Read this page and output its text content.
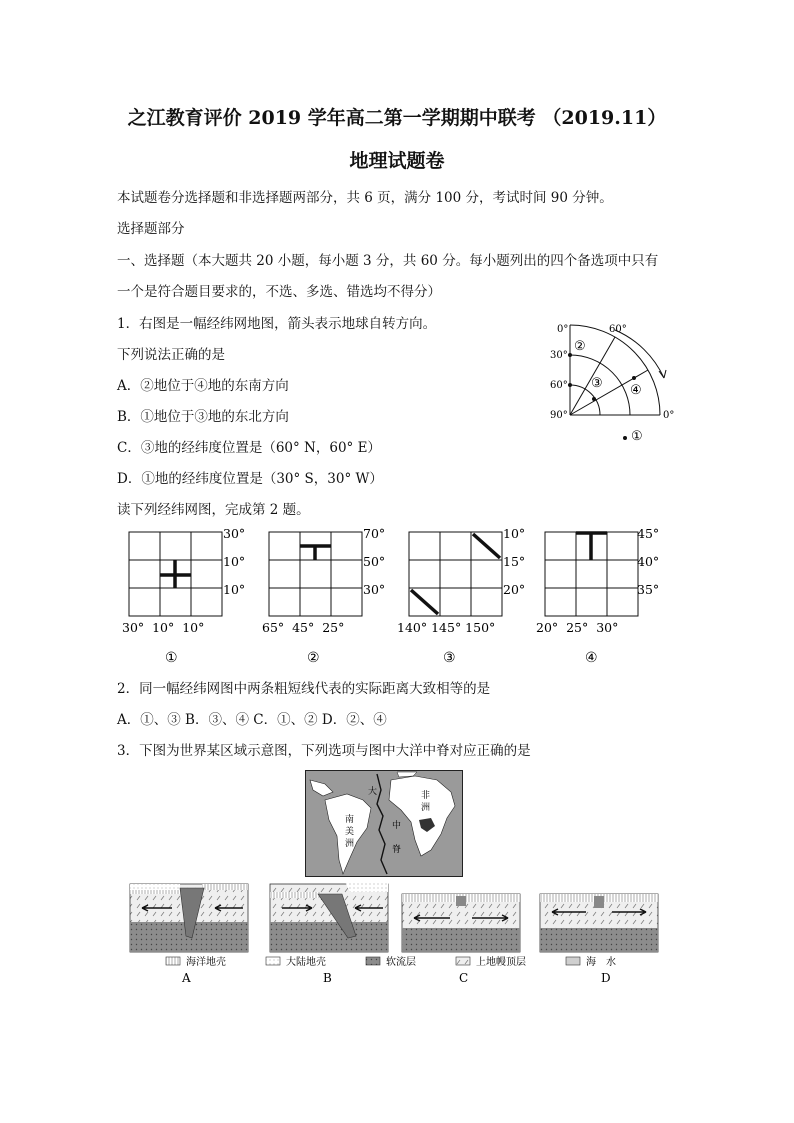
之江教育评价 2019 学年高二第一学期期中联考 （2019.11）
地理试题卷
本试题卷分选择题和非选择题两部分，共 6 页，满分 100 分，考试时间 90 分钟。
选择题部分
一、选择题（本大题共 20 小题，每小题 3 分，共 60 分。每小题列出的四个备选项中只有
一个是符合题目要求的，不选、多选、错选均不得分）
1．右图是一幅经纬网地图，箭头表示地球自转方向。
下列说法正确的是
A．②地位于④地的东南方向
B．①地位于③地的东北方向
C．③地的经纬度位置是（60° N，60° E）
D．①地的经纬度位置是（30° S，30° W）
0°
30°
60°
90°
60°
0°
②
③ ④
①
读下列经纬网图，完成第 2 题。
30°
10°
10°
30°  10°  10°
①
70°
50°
30°
65°  45°  25°
②
10°
15°
20°
140° 145° 150°
③
45°
40°
35°
20°  25°  30°
④
2．同一幅经纬网图中两条粗短线代表的实际距离大致相等的是
A．①、③ B．③、④ C．①、② D．②、④
3．下图为世界某区域示意图，下列选项与图中大洋中脊对应正确的是
南
美
洲
非
洲
大
中
脊
海洋地壳	大陆地壳	软流层	上地幔顶层	海　水
A	B	C	D
